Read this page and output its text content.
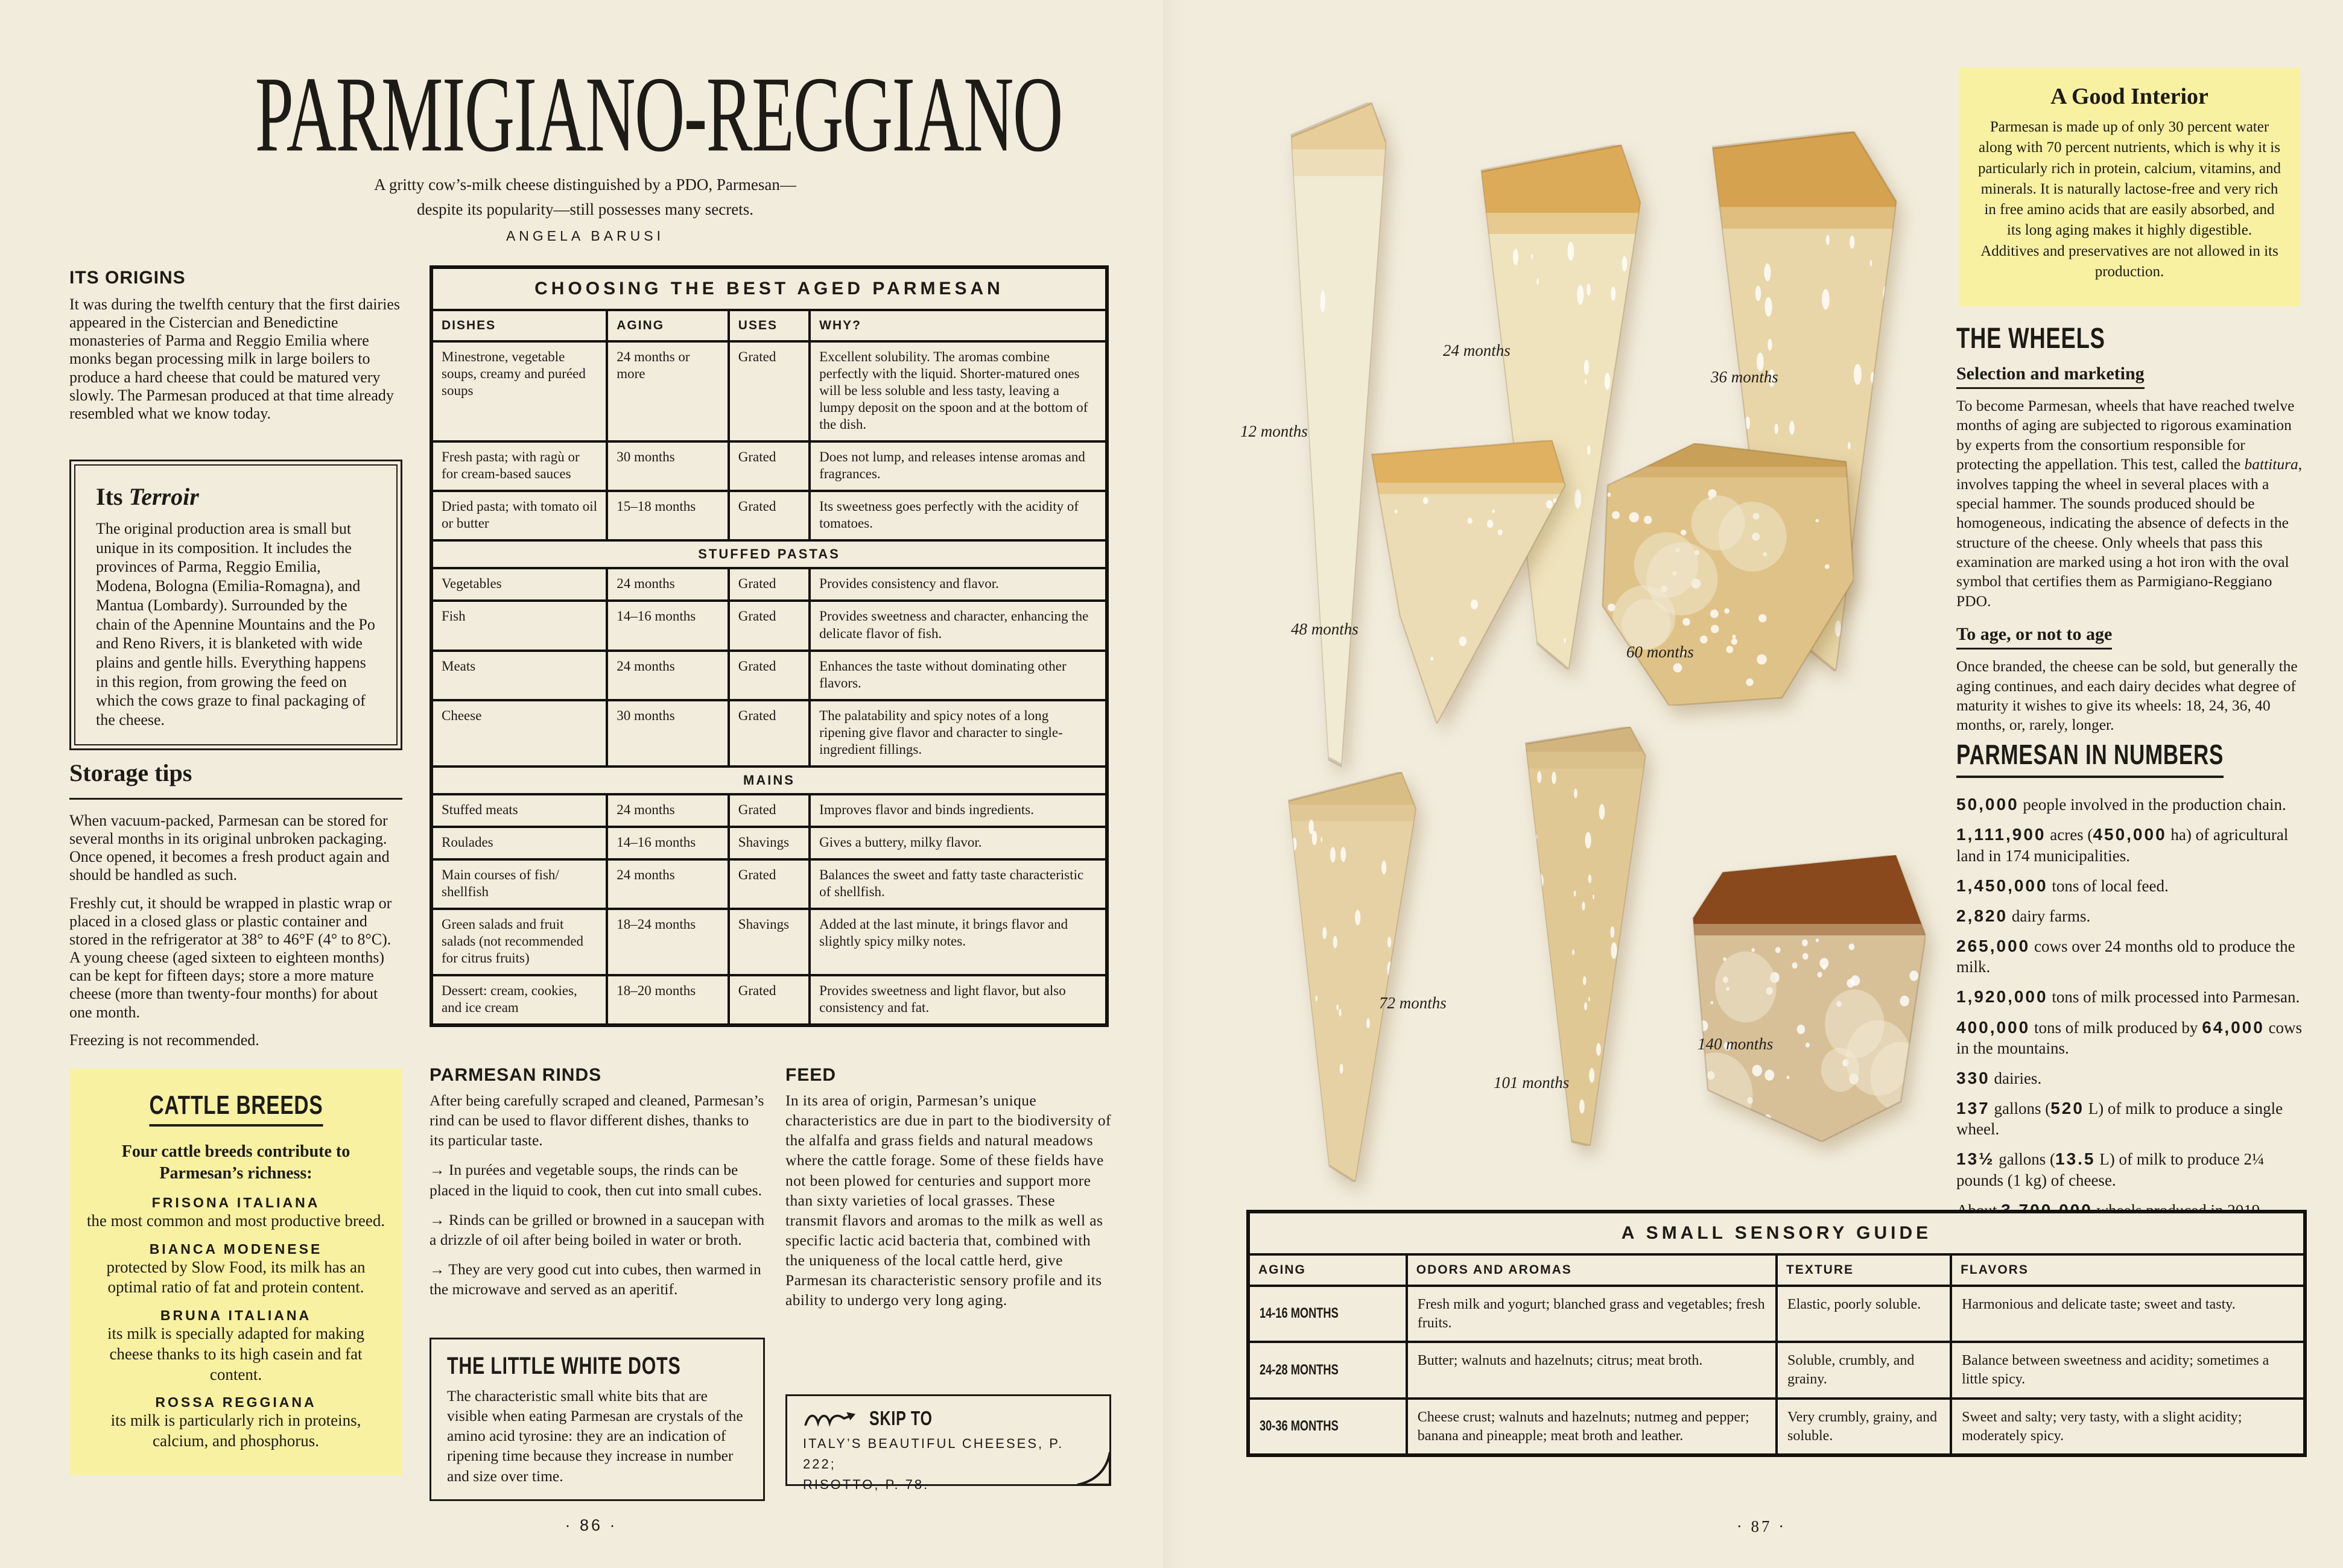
PARMIGIANO-REGGIANO
A gritty cow’s-milk cheese distinguished by a PDO, Parmesan—
despite its popularity—still possesses many secrets.
ANGELA BARUSI
ITS ORIGINS
It was during the twelfth century that the first dairies appeared in the Cistercian and Benedictine monasteries of Parma and Reggio Emilia where monks began processing milk in large boilers to produce a hard cheese that could be matured very slowly. The Parmesan produced at that time already resembled what we know today.
Its Terroir
The original production area is small but unique in its composition. It includes the provinces of Parma, Reggio Emilia, Modena, Bologna (Emilia-Romagna), and Mantua (Lombardy). Surrounded by the chain of the Apennine Mountains and the Po and Reno Rivers, it is blanketed with wide plains and gentle hills. Everything happens in this region, from growing the feed on which the cows graze to final packaging of the cheese.
Storage tips

When vacuum-packed, Parmesan can be stored for several months in its original unbroken packaging. Once opened, it becomes a fresh product again and should be handled as such.

Freshly cut, it should be wrapped in plastic wrap or placed in a closed glass or plastic container and stored in the refrigerator at 38° to 46°F (4° to 8°C). A young cheese (aged sixteen to eighteen months) can be kept for fifteen days; store a more mature cheese (more than twenty-four months) for about one month.

Freezing is not recommended.

CATTLE BREEDS
Four cattle breeds contribute to Parmesan’s richness:
FRISONA ITALIANA
the most common and most productive breed.
BIANCA MODENESE
protected by Slow Food, its milk has an optimal ratio of fat and protein content.
BRUNA ITALIANA
its milk is specially adapted for making cheese thanks to its high casein and fat content.
ROSSA REGGIANA
its milk is particularly rich in proteins, calcium, and phosphorus.
CHOOSING THE BEST AGED PARMESAN			
DISHES	AGING	USES	WHY?
Minestrone, vegetable soups, creamy and puréed soups	24 months or more	Grated	Excellent solubility. The aromas combine perfectly with the liquid. Shorter-matured ones will be less soluble and less tasty, leaving a lumpy deposit on the spoon and at the bottom of the dish.
Fresh pasta; with ragù or for cream-based sauces	30 months	Grated	Does not lump, and releases intense aromas and fragrances.
Dried pasta; with tomato oil or butter	15–18 months	Grated	Its sweetness goes perfectly with the acidity of tomatoes.
STUFFED PASTAS			
Vegetables	24 months	Grated	Provides consistency and flavor.
Fish	14–16 months	Grated	Provides sweetness and character, enhancing the delicate flavor of fish.
Meats	24 months	Grated	Enhances the taste without dominating other flavors.
Cheese	30 months	Grated	The palatability and spicy notes of a long ripening give flavor and character to single-ingredient fillings.
MAINS			
Stuffed meats	24 months	Grated	Improves flavor and binds ingredients.
Roulades	14–16 months	Shavings	Gives a buttery, milky flavor.
Main courses of fish/ shellfish	24 months	Grated	Balances the sweet and fatty taste characteristic of shellfish.
Green salads and fruit salads (not recommended for citrus fruits)	18–24 months	Shavings	Added at the last minute, it brings flavor and slightly spicy milky notes.
Dessert: cream, cookies, and ice cream	18–20 months	Grated	Provides sweetness and light flavor, but also consistency and fat.
PARMESAN RINDS

After being carefully scraped and cleaned, Parmesan’s rind can be used to flavor different dishes, thanks to its particular taste.

→ In purées and vegetable soups, the rinds can be placed in the liquid to cook, then cut into small cubes.

→ Rinds can be grilled or browned in a saucepan with a drizzle of oil after being boiled in water or broth.

→ They are very good cut into cubes, then warmed in the microwave and served as an aperitif.

THE LITTLE WHITE DOTS
The characteristic small white bits that are visible when eating Parmesan are crystals of the amino acid tyrosine: they are an indication of ripening time because they increase in number and size over time.
FEED
In its area of origin, Parmesan’s unique characteristics are due in part to the biodiversity of the alfalfa and grass fields and natural meadows where the cattle forage. Some of these fields have not been plowed for centuries and support more than sixty varieties of local grasses. These transmit flavors and aromas to the milk as well as specific lactic acid bacteria that, combined with the uniqueness of the local cattle herd, give Parmesan its characteristic sensory profile and its ability to undergo very long aging.
SKIP TO
ITALY’S BEAUTIFUL CHEESES, P. 222;
RISOTTO, P. 78.
· 86 ·
12 months
24 months
36 months
48 months
60 months
72 months
101 months
140 months
A Good Interior
Parmesan is made up of only 30 percent water along with 70 percent nutrients, which is why it is particularly rich in protein, calcium, vitamins, and minerals. It is naturally lactose-free and very rich in free amino acids that are easily absorbed, and its long aging makes it highly digestible. Additives and preservatives are not allowed in its production.
THE WHEELS
Selection and marketing
To become Parmesan, wheels that have reached twelve months of aging are subjected to rigorous examination by experts from the consortium responsible for protecting the appellation. This test, called the battitura, involves tapping the wheel in several places with a special hammer. The sounds produced should be homogeneous, indicating the absence of defects in the structure of the cheese. Only wheels that pass this examination are marked using a hot iron with the oval symbol that certifies them as Parmigiano-Reggiano PDO.
To age, or not to age
Once branded, the cheese can be sold, but generally the aging continues, and each dairy decides what degree of maturity it wishes to give its wheels: 18, 24, 36, 40 months, or, rarely, longer.
PARMESAN IN NUMBERS

50,000 people involved in the production chain.

1,111,900 acres (450,000 ha) of agricultural land in 174 municipalities.

1,450,000 tons of local feed.

2,820 dairy farms.

265,000 cows over 24 months old to produce the milk.

1,920,000 tons of milk processed into Parmesan.

400,000 tons of milk produced by 64,000 cows in the mountains.

330 dairies.

137 gallons (520 L) of milk to produce a single wheel.

13½ gallons (13.5 L) of milk to produce 2¼ pounds (1 kg) of cheese.

A SMALL SENSORY GUIDE			
AGING	ODORS AND AROMAS	TEXTURE	FLAVORS
14-16 MONTHS	Fresh milk and yogurt; blanched grass and vegetables; fresh fruits.	Elastic, poorly soluble.	Harmonious and delicate taste; sweet and tasty.
24-28 MONTHS	Butter; walnuts and hazelnuts; citrus; meat broth.	Soluble, crumbly, and grainy.	Balance between sweetness and acidity; sometimes a little spicy.
30-36 MONTHS	Cheese crust; walnuts and hazelnuts; nutmeg and pepper; banana and pineapple; meat broth and leather.	Very crumbly, grainy, and soluble.	Sweet and salty; very tasty, with a slight acidity; moderately spicy.
· 87 ·
